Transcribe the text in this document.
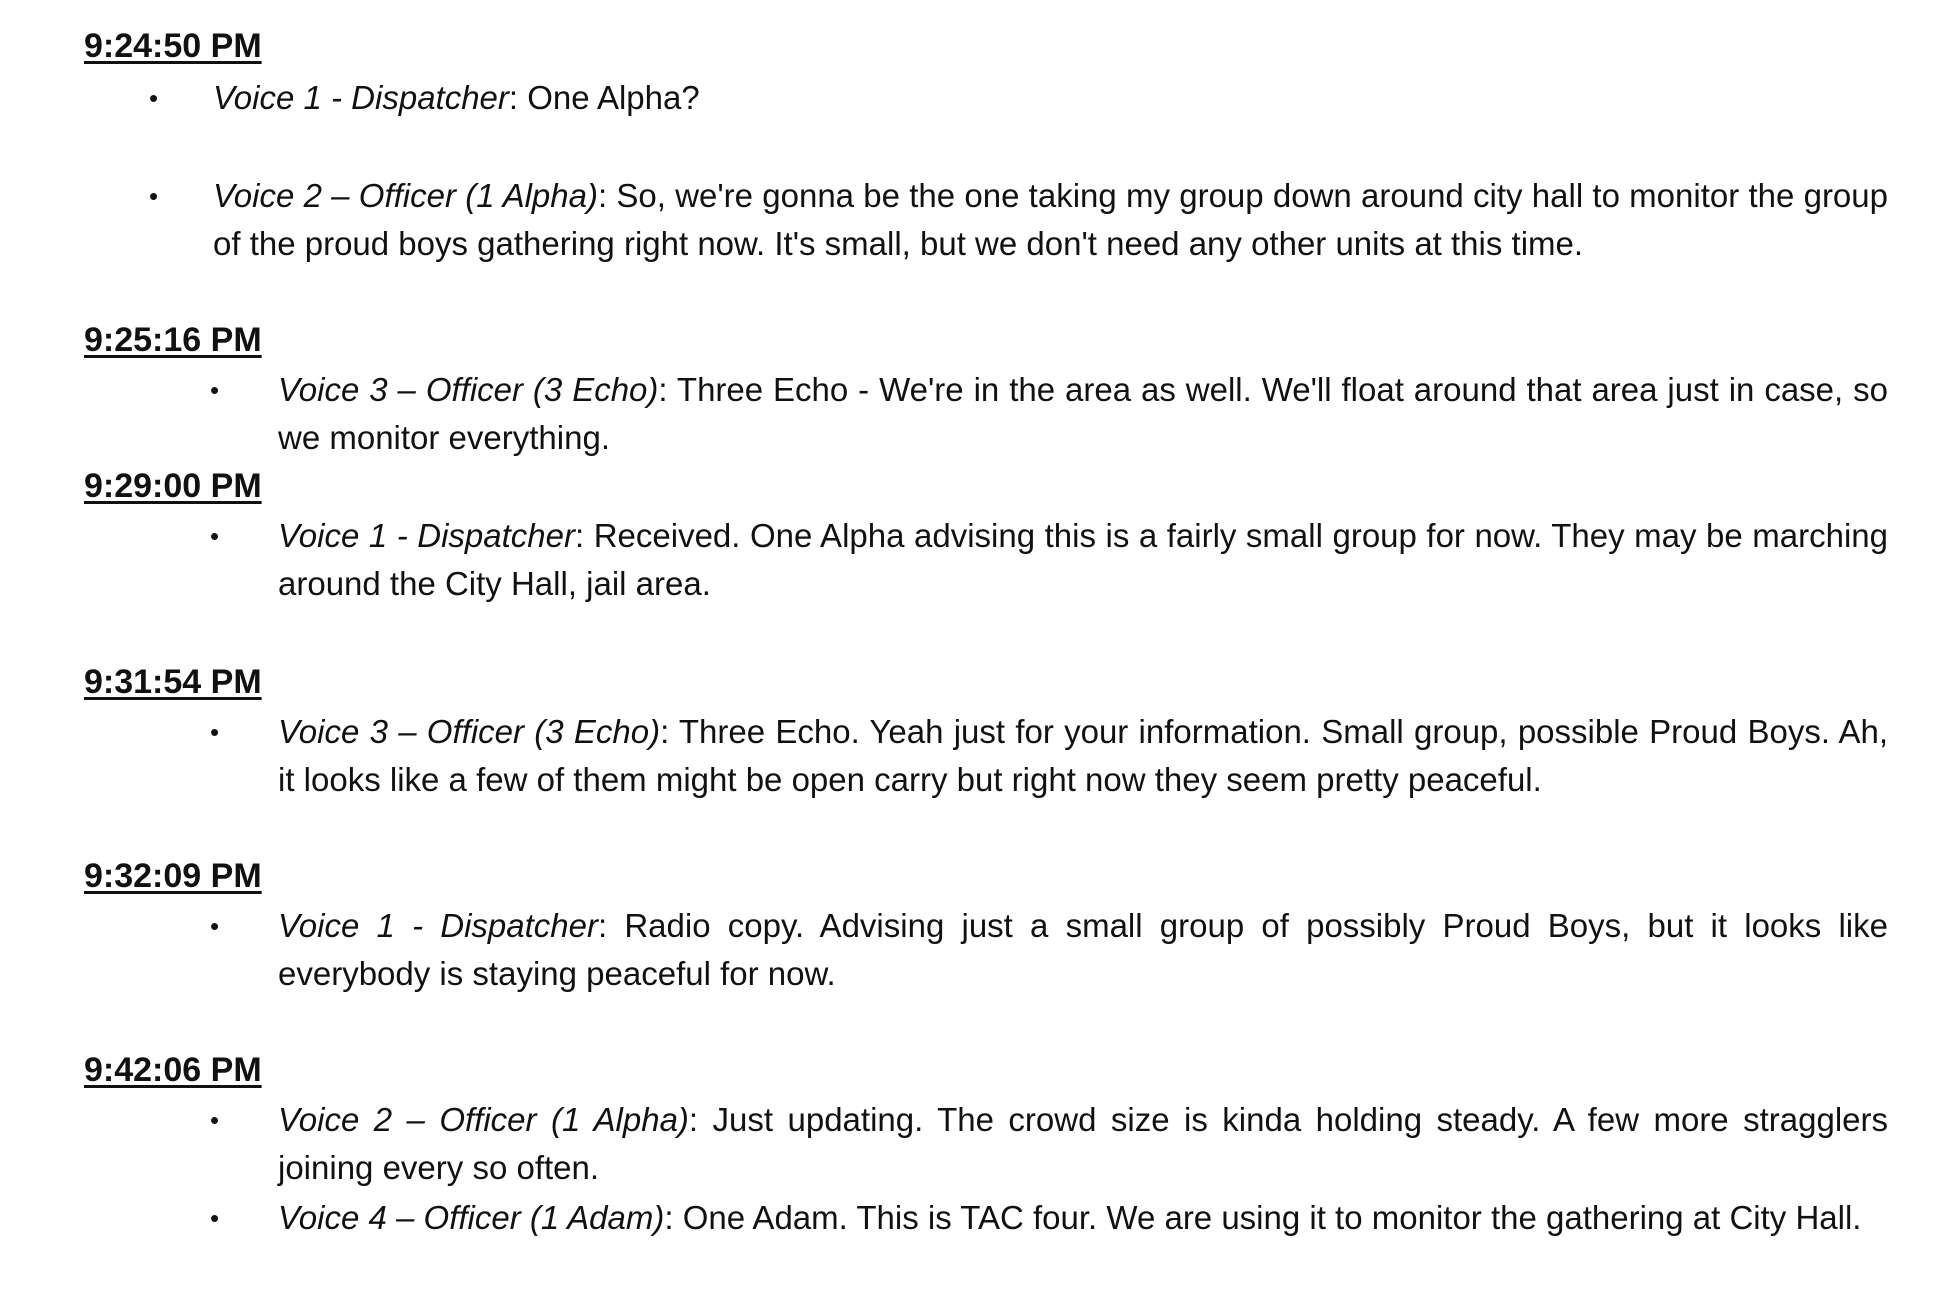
9:24:50 PM
• Voice 1 - Dispatcher: One Alpha?
• Voice 2 – Officer (1 Alpha): So, we're gonna be the one taking my group down around city hall to monitor the group of the proud boys gathering right now. It's small, but we don't need any other units at this time.
9:25:16 PM
• Voice 3 – Officer (3 Echo): Three Echo - We're in the area as well. We'll float around that area just in case, so we monitor everything.
9:29:00 PM
• Voice 1 - Dispatcher: Received. One Alpha advising this is a fairly small group for now. They may be marching around the City Hall, jail area.
9:31:54 PM
• Voice 3 – Officer (3 Echo): Three Echo. Yeah just for your information. Small group, possible Proud Boys. Ah, it looks like a few of them might be open carry but right now they seem pretty peaceful.
9:32:09 PM
• Voice 1 - Dispatcher: Radio copy. Advising just a small group of possibly Proud Boys, but it looks like everybody is staying peaceful for now.
9:42:06 PM
• Voice 2 – Officer (1 Alpha): Just updating. The crowd size is kinda holding steady. A few more stragglers joining every so often.
• Voice 4 – Officer (1 Adam): One Adam. This is TAC four. We are using it to monitor the gathering at City Hall.
